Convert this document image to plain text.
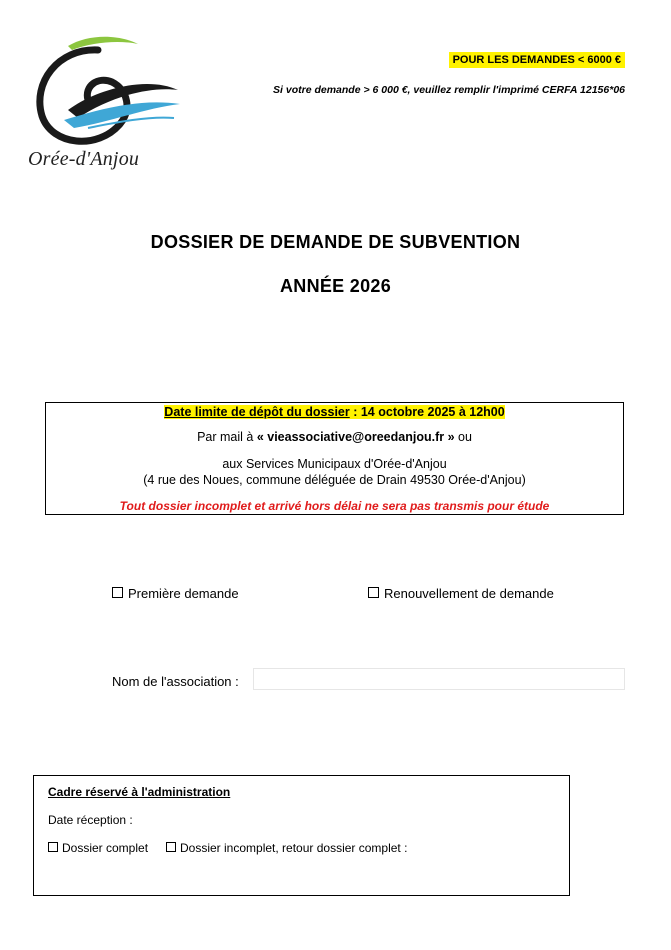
Orée-d'Anjou
POUR LES DEMANDES < 6000 €
Si votre demande > 6 000 €, veuillez remplir l'imprimé CERFA 12156*06
DOSSIER DE DEMANDE DE SUBVENTION
ANNÉE 2026
Date limite de dépôt du dossier : 14 octobre 2025 à 12h00
Par mail à « vieassociative@oreedanjou.fr » ou
aux Services Municipaux d'Orée-d'Anjou
(4 rue des Noues, commune déléguée de Drain 49530 Orée-d'Anjou)
Tout dossier incomplet et arrivé hors délai ne sera pas transmis pour étude
Première demande	Renouvellement de demande
Nom de l'association :
Cadre réservé à l'administration
Date réception :
Dossier complet	Dossier incomplet, retour dossier complet :
